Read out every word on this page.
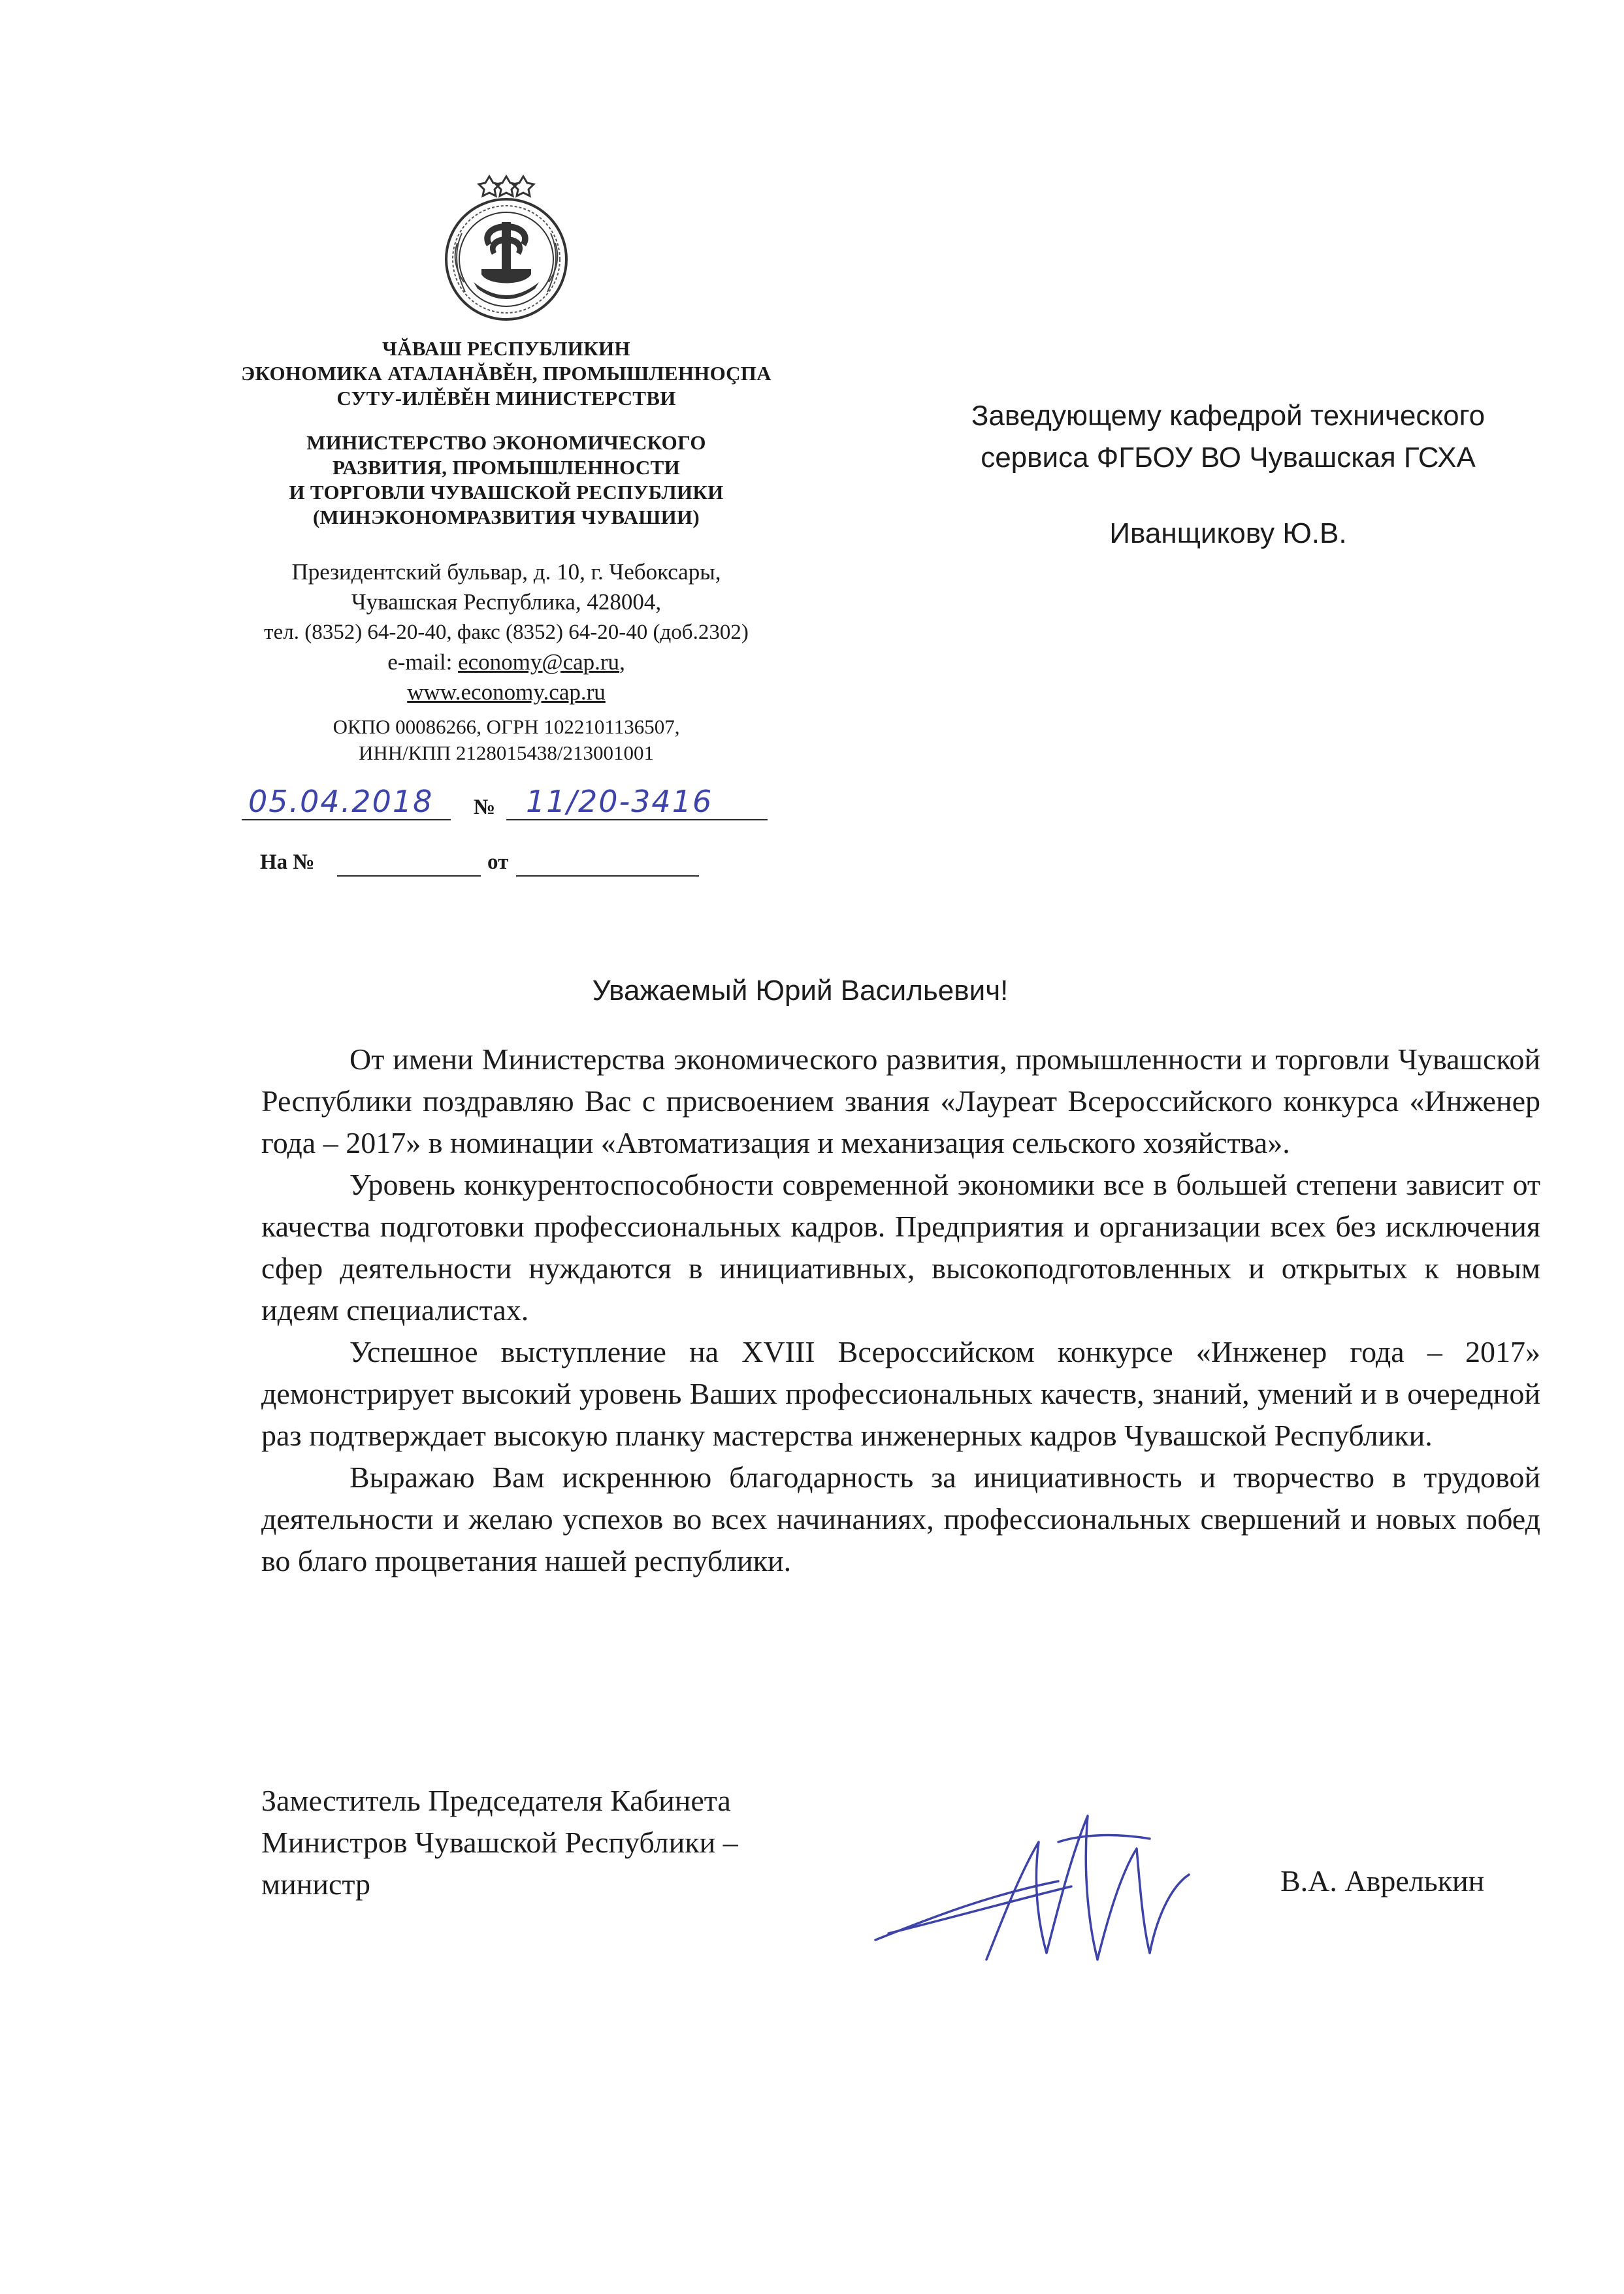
ЧĂВАШ РЕСПУБЛИКИН
ЭКОНОМИКА АТАЛАНĂВĚН, ПРОМЫШЛЕННОÇПА
СУТУ-ИЛĚВĚН МИНИСТЕРСТВИ
МИНИСТЕРСТВО ЭКОНОМИЧЕСКОГО
РАЗВИТИЯ, ПРОМЫШЛЕННОСТИ
И ТОРГОВЛИ ЧУВАШСКОЙ РЕСПУБЛИКИ
(МИНЭКОНОМРАЗВИТИЯ ЧУВАШИИ)
Президентский бульвар, д. 10, г. Чебоксары,
Чувашская Республика, 428004,
тел. (8352) 64-20-40, факс (8352) 64-20-40 (доб.2302)
e-mail: economy@cap.ru,
www.economy.cap.ru
ОКПО 00086266, ОГРН 1022101136507,
ИНН/КПП 2128015438/213001001
05.04.2018 № 11/20-3416
На №	от
Заведующему кафедрой технического
сервиса ФГБОУ ВО Чувашская ГСХА
Иванщикову Ю.В.
Уважаемый Юрий Васильевич!

От имени Министерства экономического развития, промышленности и торговли Чувашской Республики поздравляю Вас с присвоением звания «Лауреат Всероссийского конкурса «Инженер года – 2017» в номинации «Автоматизация и механизация сельского хозяйства».

Уровень конкурентоспособности современной экономики все в большей степени зависит от качества подготовки профессиональных кадров. Предприятия и организации всех без исключения сфер деятельности нуждаются в инициативных, высокоподготовленных и открытых к новым идеям специалистах.

Успешное выступление на XVIII Всероссийском конкурсе «Инженер года – 2017» демонстрирует высокий уровень Ваших профессиональных качеств, знаний, умений и в очередной раз подтверждает высокую планку мастерства инженерных кадров Чувашской Республики.

Выражаю Вам искреннюю благодарность за инициативность и творчество в трудовой деятельности и желаю успехов во всех начинаниях, профессиональных свершений и новых побед во благо процветания нашей республики.

Заместитель Председателя Кабинета
Министров Чувашской Республики –
министр	В.А. Аврелькин
